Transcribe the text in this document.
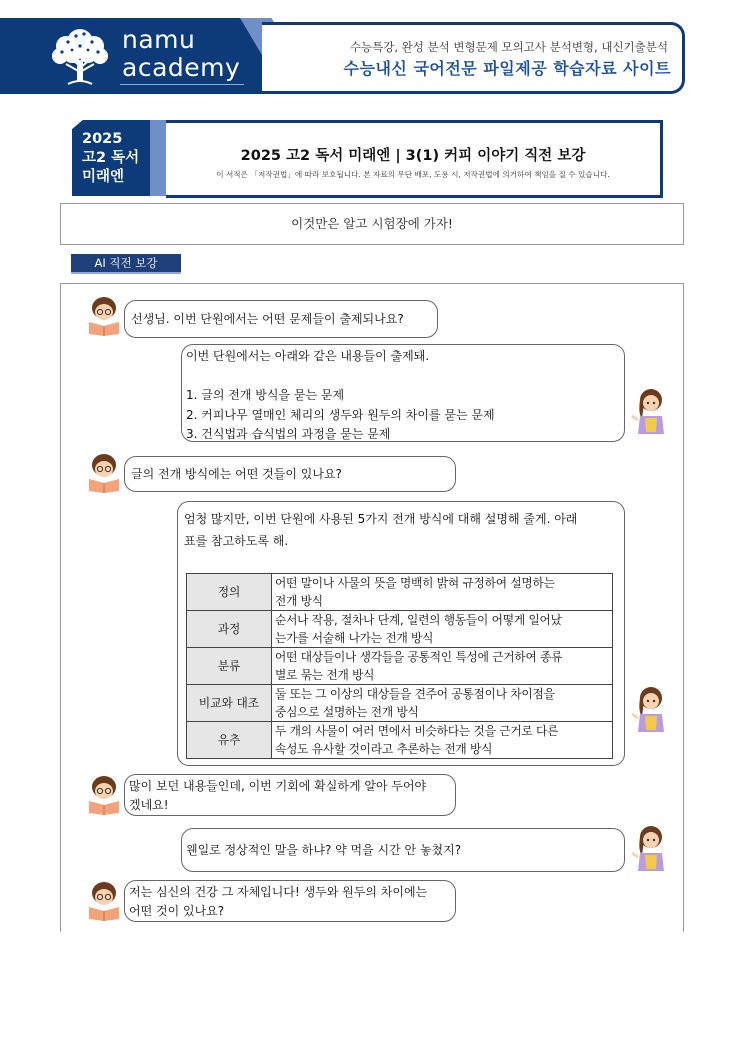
namu
academy
수능특강, 완성 분석 변형문제 모의고사 분석변형, 내신기출분석
수능내신 국어전문 파일제공 학습자료 사이트
2025
고2 독서
미래엔
2025 고2 독서 미래엔 | 3(1) 커피 이야기 직전 보강
이 서적은 「저작권법」에 따라 보호됩니다. 본 자료의 무단 배포, 도용 시, 저작권법에 의거하여 책임을 질 수 있습니다.
이것만은 알고 시험장에 가자!
AI 직전 보강

선생님. 이번 단원에서는 어떤 문제들이 출제되나요?

이번 단원에서는 아래와 같은 내용들이 출제돼.

1. 글의 전개 방식을 묻는 문제

2. 커피나무 열매인 체리의 생두와 원두의 차이를 묻는 문제

3. 건식법과 습식법의 과정을 묻는 문제

글의 전개 방식에는 어떤 것들이 있나요?

엄청 많지만, 이번 단원에 사용된 5가지 전개 방식에 대해 설명해 줄게. 아래

표를 참고하도록 해.

정의	어떤 말이나 사물의 뜻을 명백히 밝혀 규정하여 설명하는
전개 방식

과정	순서나 작용, 절차나 단계, 일련의 행동들이 어떻게 일어났
는가를 서술해 나가는 전개 방식

분류	어떤 대상들이나 생각들을 공통적인 특성에 근거하여 종류
별로 묶는 전개 방식

비교와 대조	둘 또는 그 이상의 대상들을 견주어 공통점이나 차이점을
중심으로 설명하는 전개 방식

유추	두 개의 사물이 여러 면에서 비슷하다는 것을 근거로 다른
속성도 유사할 것이라고 추론하는 전개 방식

많이 보던 내용들인데, 이번 기회에 확실하게 알아 두어야

겠네요!

웬일로 정상적인 말을 하냐? 약 먹을 시간 안 놓쳤지?

저는 심신의 건강 그 자체입니다! 생두와 원두의 차이에는

어떤 것이 있나요?
